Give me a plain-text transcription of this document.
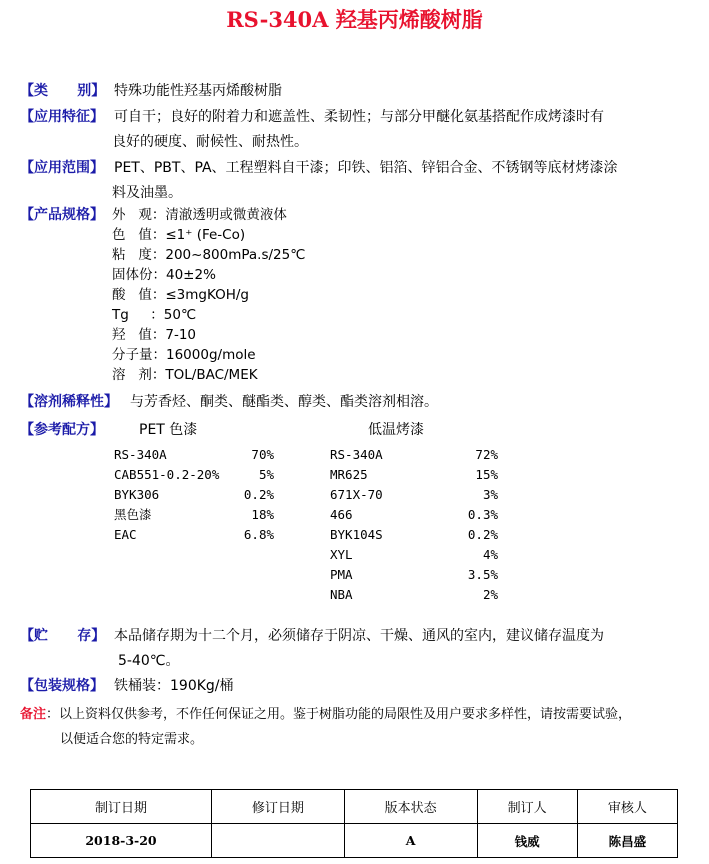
RS-340A 羟基丙烯酸树脂
【类      别】 特殊功能性羟基丙烯酸树脂
【应用特征】 可自干；良好的附着力和遮盖性、柔韧性；与部分甲醚化氨基搭配作成烤漆时有
良好的硬度、耐候性、耐热性。
【应用范围】 PET、PBT、PA、工程塑料自干漆；印铁、铝箔、锌铝合金、不锈钢等底材烤漆涂
料及油墨。
【产品规格】 外   观：清澈透明或微黄液体
色   值：≤1⁺ (Fe-Co)
粘   度：200~800mPa.s/25℃
固体份：40±2%
酸   值：≤3mgKOH/g
Tg     ：50℃
羟   值：7-10
分子量：16000g/mole
溶   剂：TOL/BAC/MEK
【溶剂稀释性】 与芳香烃、酮类、醚酯类、醇类、酯类溶剂相溶。
【参考配方】	PET 色漆	低温烤漆
RS-340A	70%
CAB551-0.2-20%	5%
BYK306	0.2%
黑色漆	18%
EAC	6.8%
RS-340A	72%
MR625	15%
671X-70	3%
466	0.3%
BYK104S	0.2%
XYL	4%
PMA	3.5%
NBA	2%
【贮      存】 本品储存期为十二个月，必须储存于阴凉、干燥、通风的室内，建议储存温度为
5-40℃。
【包装规格】 铁桶装：190Kg/桶
备注：以上资料仅供参考，不作任何保证之用。鉴于树脂功能的局限性及用户要求多样性，请按需要试验，
以便适合您的特定需求。
制订日期	修订日期	版本状态	制订人	审核人
2018-3-20		A	钱威	陈昌盛
